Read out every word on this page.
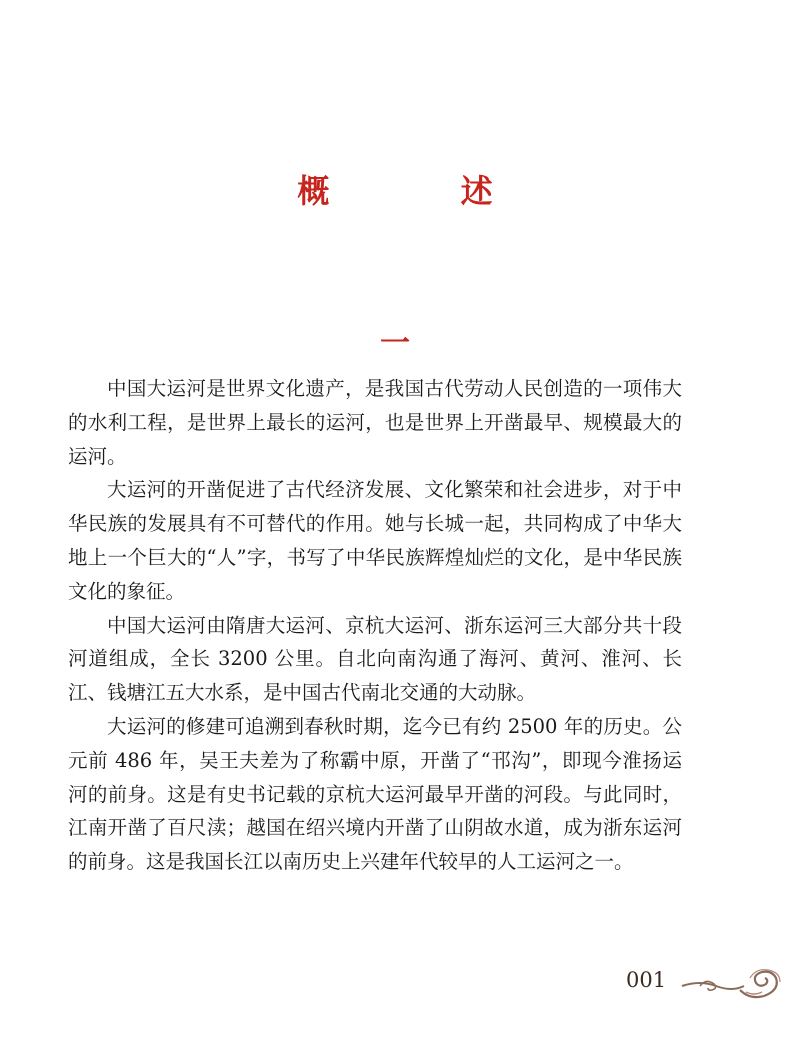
概 述
一

中国大运河是世界文化遗产，是我国古代劳动人民创造的一项伟大的水利工程，是世界上最长的运河，也是世界上开凿最早、规模最大的运河。

大运河的开凿促进了古代经济发展、文化繁荣和社会进步，对于中华民族的发展具有不可替代的作用。她与长城一起，共同构成了中华大地上一个巨大的“人”字，书写了中华民族辉煌灿烂的文化，是中华民族文化的象征。

中国大运河由隋唐大运河、京杭大运河、浙东运河三大部分共十段河道组成，全长 3200 公里。自北向南沟通了海河、黄河、淮河、长江、钱塘江五大水系，是中国古代南北交通的大动脉。

大运河的修建可追溯到春秋时期，迄今已有约 2500 年的历史。公元前 486 年，吴王夫差为了称霸中原，开凿了“邗沟”，即现今淮扬运河的前身。这是有史书记载的京杭大运河最早开凿的河段。与此同时，江南开凿了百尺渎；越国在绍兴境内开凿了山阴故水道，成为浙东运河的前身。这是我国长江以南历史上兴建年代较早的人工运河之一。

001
